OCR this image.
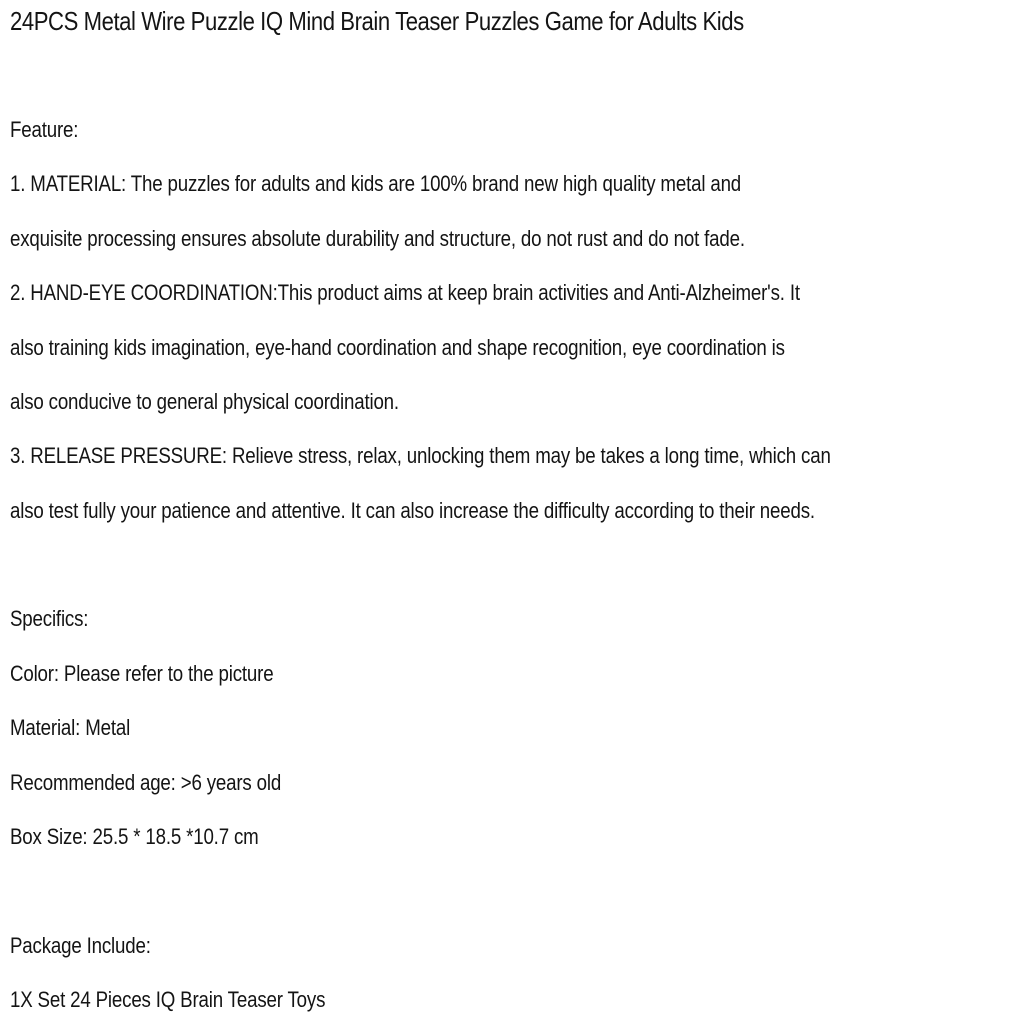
24PCS Metal Wire Puzzle IQ Mind Brain Teaser Puzzles Game for Adults Kids
Feature:
1. MATERIAL: The puzzles for adults and kids are 100% brand new high quality metal and
exquisite processing ensures absolute durability and structure, do not rust and do not fade.
2. HAND-EYE COORDINATION:This product aims at keep brain activities and Anti-Alzheimer's. It
also training kids imagination, eye-hand coordination and shape recognition, eye coordination is
also conducive to general physical coordination.
3. RELEASE PRESSURE: Relieve stress, relax, unlocking them may be takes a long time, which can
also test fully your patience and attentive. It can also increase the difficulty according to their needs.
Specifics:
Color: Please refer to the picture
Material: Metal
Recommended age: >6 years old
Box Size: 25.5 * 18.5 *10.7 cm
Package Include:
1X Set 24 Pieces IQ Brain Teaser Toys
